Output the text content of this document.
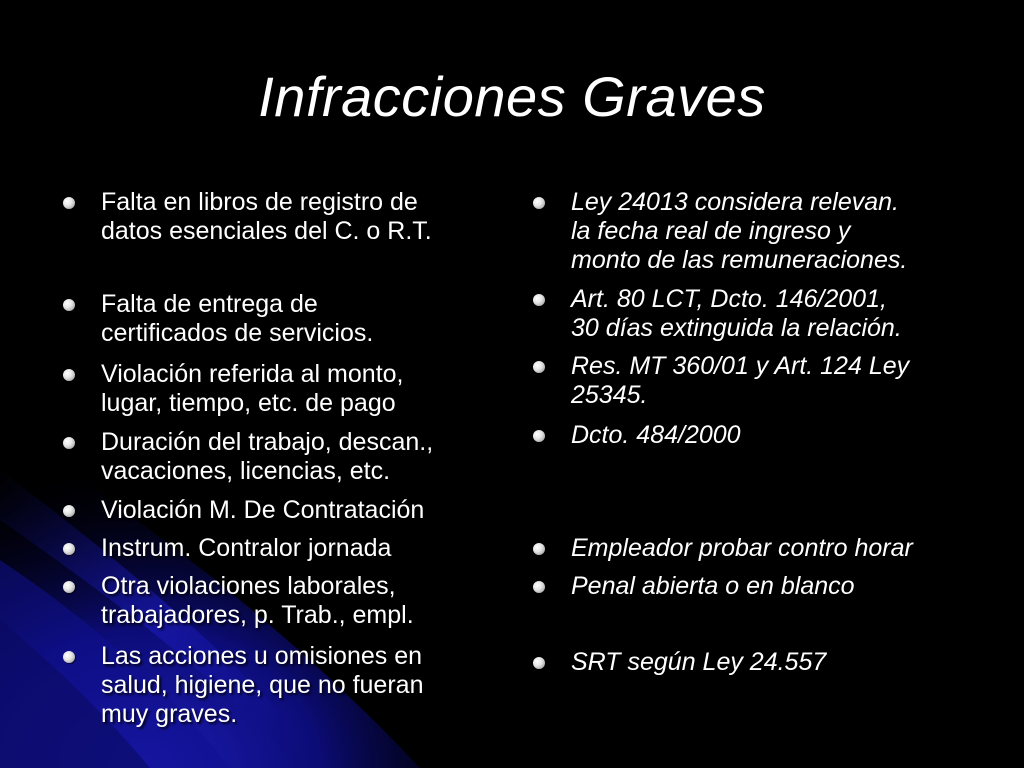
Infracciones Graves
Falta en libros de registro de
datos esenciales del C. o R.T.
Falta de entrega de
certificados de servicios.
Violación referida al monto,
lugar, tiempo, etc. de pago
Duración del trabajo, descan.,
vacaciones, licencias, etc.
Violación M. De Contratación
Instrum. Contralor jornada
Otra violaciones laborales,
trabajadores, p. Trab., empl.
Las acciones u omisiones en
salud, higiene, que no fueran
muy graves.
Ley 24013 considera relevan.
la fecha real de ingreso y
monto de las remuneraciones.
Art. 80 LCT, Dcto. 146/2001,
30 días extinguida la relación.
Res. MT 360/01 y Art. 124 Ley
25345.
Dcto. 484/2000
Empleador probar contro horar
Penal abierta o en blanco
SRT según Ley 24.557
